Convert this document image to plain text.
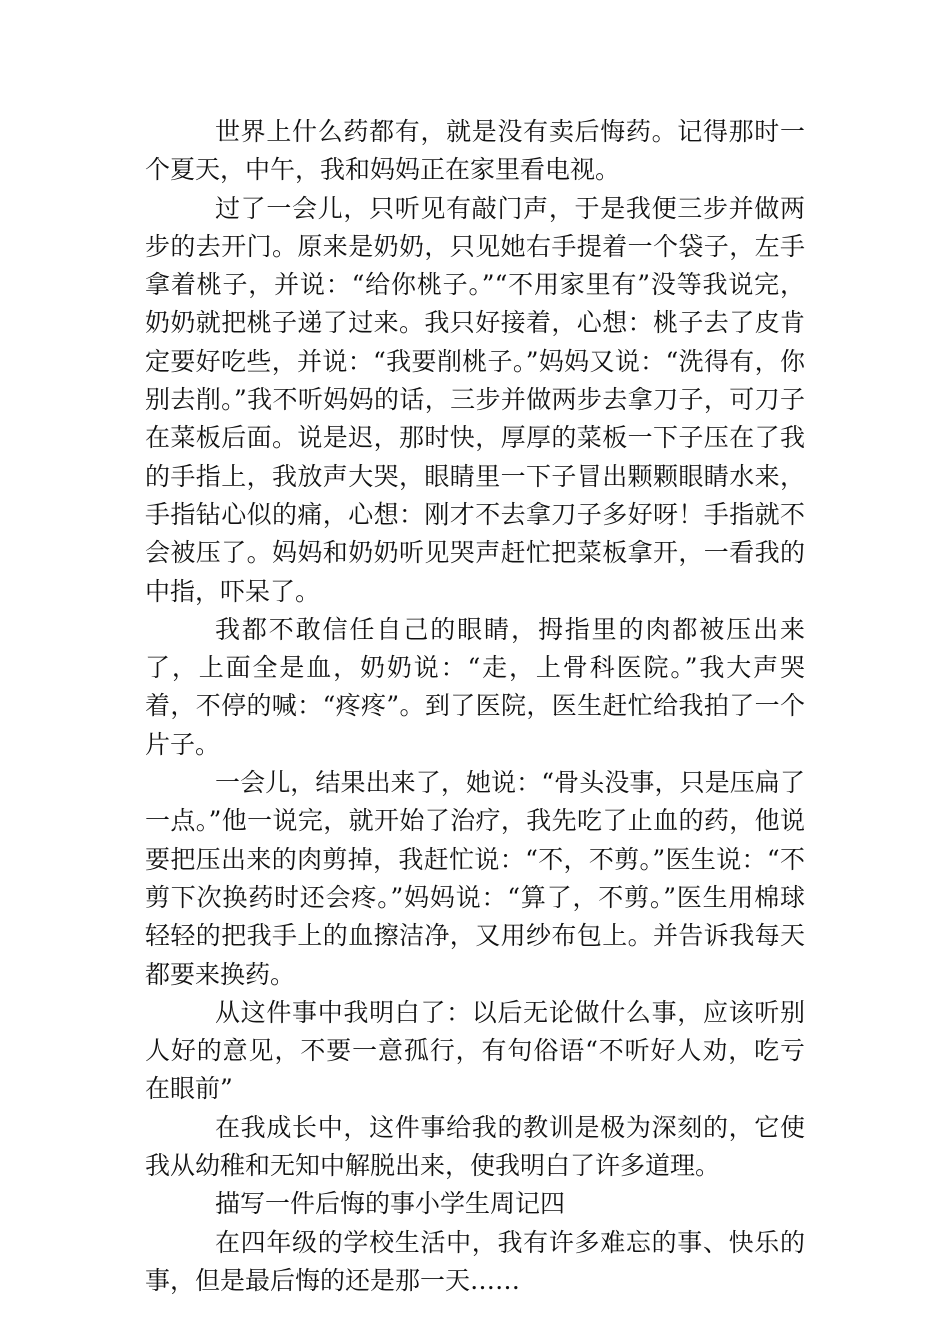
世界上什么药都有，就是没有卖后悔药。记得那时一个夏天，中午，我和妈妈正在家里看电视。

过了一会儿，只听见有敲门声，于是我便三步并做两步的去开门。原来是奶奶，只见她右手提着一个袋子，左手拿着桃子，并说：“给你桃子。”“不用家里有”没等我说完，奶奶就把桃子递了过来。我只好接着，心想：桃子去了皮肯定要好吃些，并说：“我要削桃子。”妈妈又说：“洗得有，你别去削。”我不听妈妈的话，三步并做两步去拿刀子，可刀子在菜板后面。说是迟，那时快，厚厚的菜板一下子压在了我的手指上，我放声大哭，眼睛里一下子冒出颗颗眼睛水来，手指钻心似的痛，心想：刚才不去拿刀子多好呀！手指就不会被压了。妈妈和奶奶听见哭声赶忙把菜板拿开，一看我的中指，吓呆了。

我都不敢信任自己的眼睛，拇指里的肉都被压出来了，上面全是血，奶奶说：“走，上骨科医院。”我大声哭着，不停的喊：“疼疼”。到了医院，医生赶忙给我拍了一个片子。

一会儿，结果出来了，她说：“骨头没事，只是压扁了一点。”他一说完，就开始了治疗，我先吃了止血的药，他说要把压出来的肉剪掉，我赶忙说：“不，不剪。”医生说：“不剪下次换药时还会疼。”妈妈说：“算了，不剪。”医生用棉球轻轻的把我手上的血擦洁净，又用纱布包上。并告诉我每天都要来换药。

从这件事中我明白了：以后无论做什么事，应该听别人好的意见，不要一意孤行，有句俗语“不听好人劝，吃亏在眼前”

在我成长中，这件事给我的教训是极为深刻的，它使我从幼稚和无知中解脱出来，使我明白了许多道理。

描写一件后悔的事小学生周记四

在四年级的学校生活中，我有许多难忘的事、快乐的事，但是最后悔的还是那一天……
